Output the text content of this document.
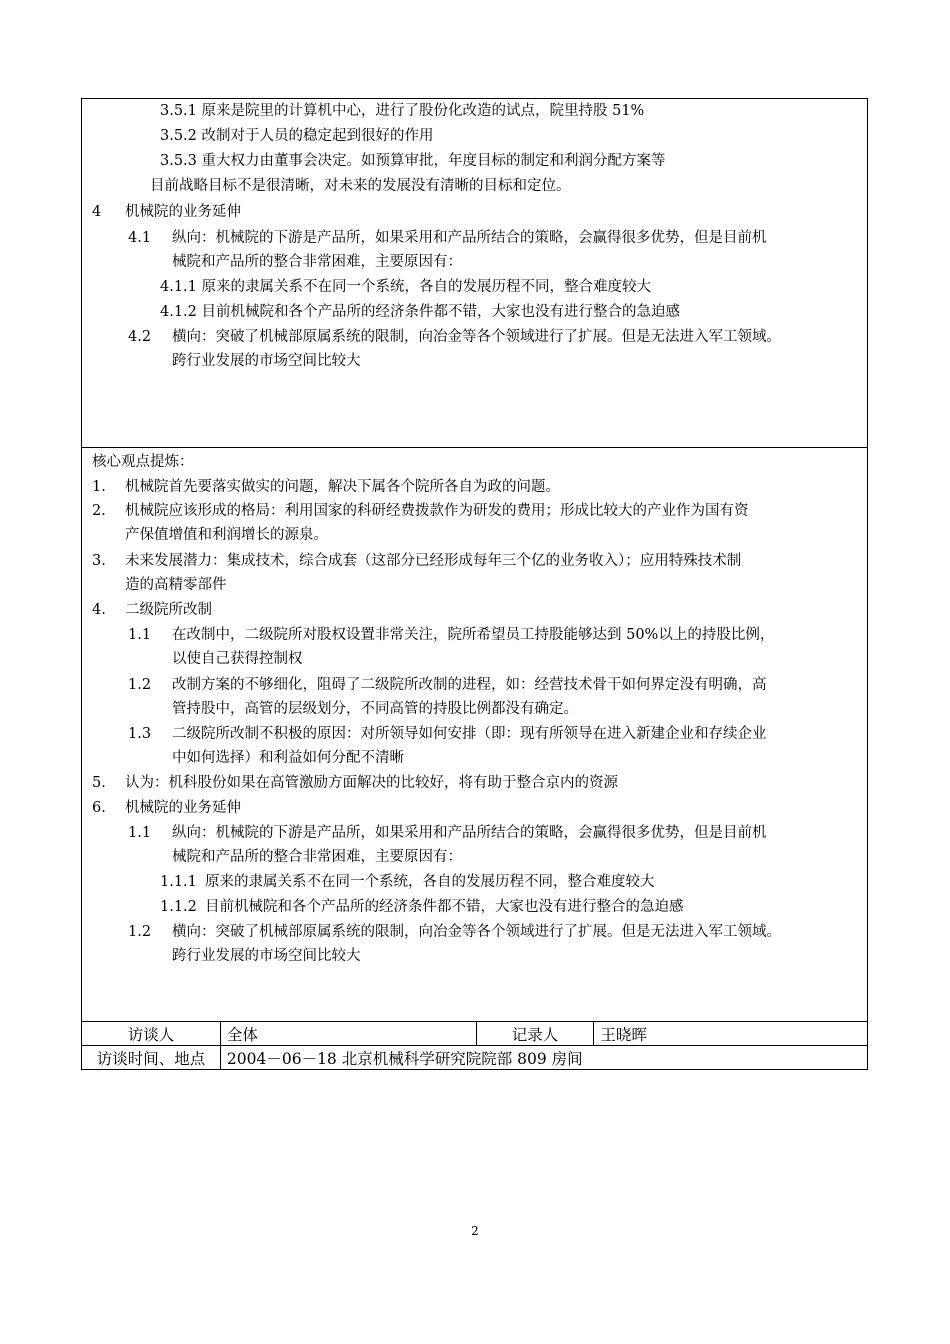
3.5.1 原来是院里的计算机中心，进行了股份化改造的试点，院里持股 51%
3.5.2 改制对于人员的稳定起到很好的作用
3.5.3 重大权力由董事会决定。如预算审批，年度目标的制定和利润分配方案等
目前战略目标不是很清晰，对未来的发展没有清晰的目标和定位。
4 机械院的业务延伸
4.1 纵向：机械院的下游是产品所，如果采用和产品所结合的策略，会赢得很多优势，但是目前机
械院和产品所的整合非常困难，主要原因有：
4.1.1 原来的隶属关系不在同一个系统，各自的发展历程不同，整合难度较大
4.1.2 目前机械院和各个产品所的经济条件都不错，大家也没有进行整合的急迫感
4.2 横向：突破了机械部原属系统的限制，向冶金等各个领域进行了扩展。但是无法进入军工领域。
跨行业发展的市场空间比较大
核心观点提炼：
1. 机械院首先要落实做实的问题，解决下属各个院所各自为政的问题。
2. 机械院应该形成的格局：利用国家的科研经费拨款作为研发的费用；形成比较大的产业作为国有资
产保值增值和利润增长的源泉。
3. 未来发展潜力：集成技术，综合成套（这部分已经形成每年三个亿的业务收入）；应用特殊技术制
造的高精零部件
4. 二级院所改制
1.1 在改制中，二级院所对股权设置非常关注，院所希望员工持股能够达到 50%以上的持股比例，
以使自己获得控制权
1.2 改制方案的不够细化，阻碍了二级院所改制的进程，如：经营技术骨干如何界定没有明确，高
管持股中，高管的层级划分，不同高管的持股比例都没有确定。
1.3 二级院所改制不积极的原因：对所领导如何安排（即：现有所领导在进入新建企业和存续企业
中如何选择）和利益如何分配不清晰
5. 认为：机科股份如果在高管激励方面解决的比较好，将有助于整合京内的资源
6. 机械院的业务延伸
1.1 纵向：机械院的下游是产品所，如果采用和产品所结合的策略，会赢得很多优势，但是目前机
械院和产品所的整合非常困难，主要原因有：
1.1.1 原来的隶属关系不在同一个系统，各自的发展历程不同，整合难度较大
1.1.2 目前机械院和各个产品所的经济条件都不错，大家也没有进行整合的急迫感
1.2 横向：突破了机械部原属系统的限制，向冶金等各个领域进行了扩展。但是无法进入军工领域。
跨行业发展的市场空间比较大
访谈人	全体	记录人	王晓晖
访谈时间、地点	2004－06－18 北京机械科学研究院院部 809 房间		
2
